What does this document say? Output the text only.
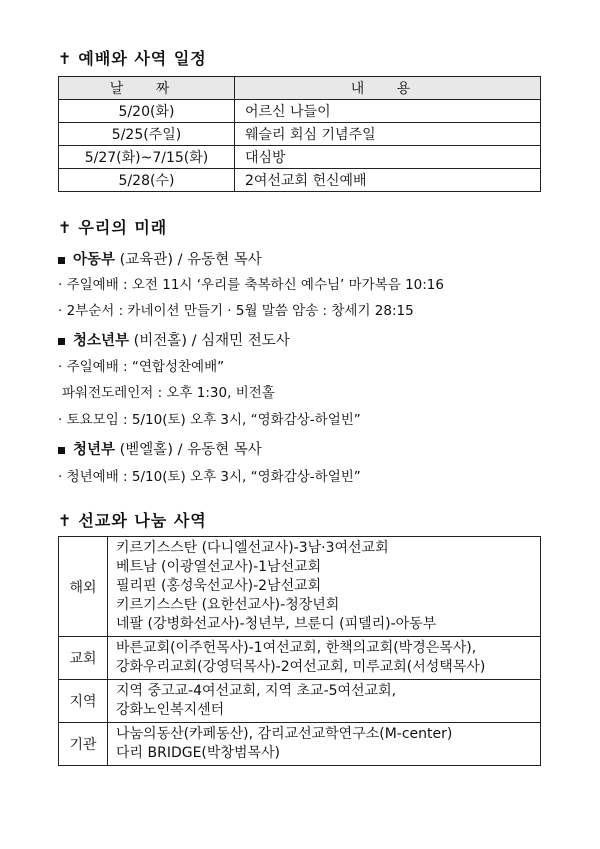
✝ 예배와 사역 일정
날 짜	내 용
5/20(화)	어르신 나들이
5/25(주일)	웨슬리 회심 기념주일
5/27(화)~7/15(화)	대심방
5/28(수)	2여선교회 헌신예배
✝ 우리의 미래
아동부 (교육관) / 유동현 목사
· 주일예배 : 오전 11시 ‘우리를 축복하신 예수님’ 마가복음 10:16
· 2부순서 : 카네이션 만들기 · 5월 말씀 암송 : 창세기 28:15
청소년부 (비전홀) / 심재민 전도사
· 주일예배 : “연합성찬예배”
파워전도레인저 : 오후 1:30, 비전홀
· 토요모임 : 5/10(토) 오후 3시, “영화감상-하얼빈”
청년부 (벧엘홀) / 유동현 목사
· 청년예배 : 5/10(토) 오후 3시, “영화감상-하얼빈”
✝ 선교와 나눔 사역
해외	키르기스스탄 (다니엘선교사)-3남·3여선교회
베트남 (이광열선교사)-1남선교회
필리핀 (홍성욱선교사)-2남선교회
키르기스스탄 (요한선교사)-청장년회
네팔 (강병화선교사)-청년부, 브룬디 (피델리)-아동부

교회	바른교회(이주헌목사)-1여선교회, 한책의교회(박경은목사),
강화우리교회(강영덕목사)-2여선교회, 미루교회(서성택목사)

지역	지역 중고교-4여선교회, 지역 초교-5여선교회,
강화노인복지센터

기관	나눔의동산(카페동산), 감리교선교학연구소(M-center)
다리 BRIDGE(박창범목사)
